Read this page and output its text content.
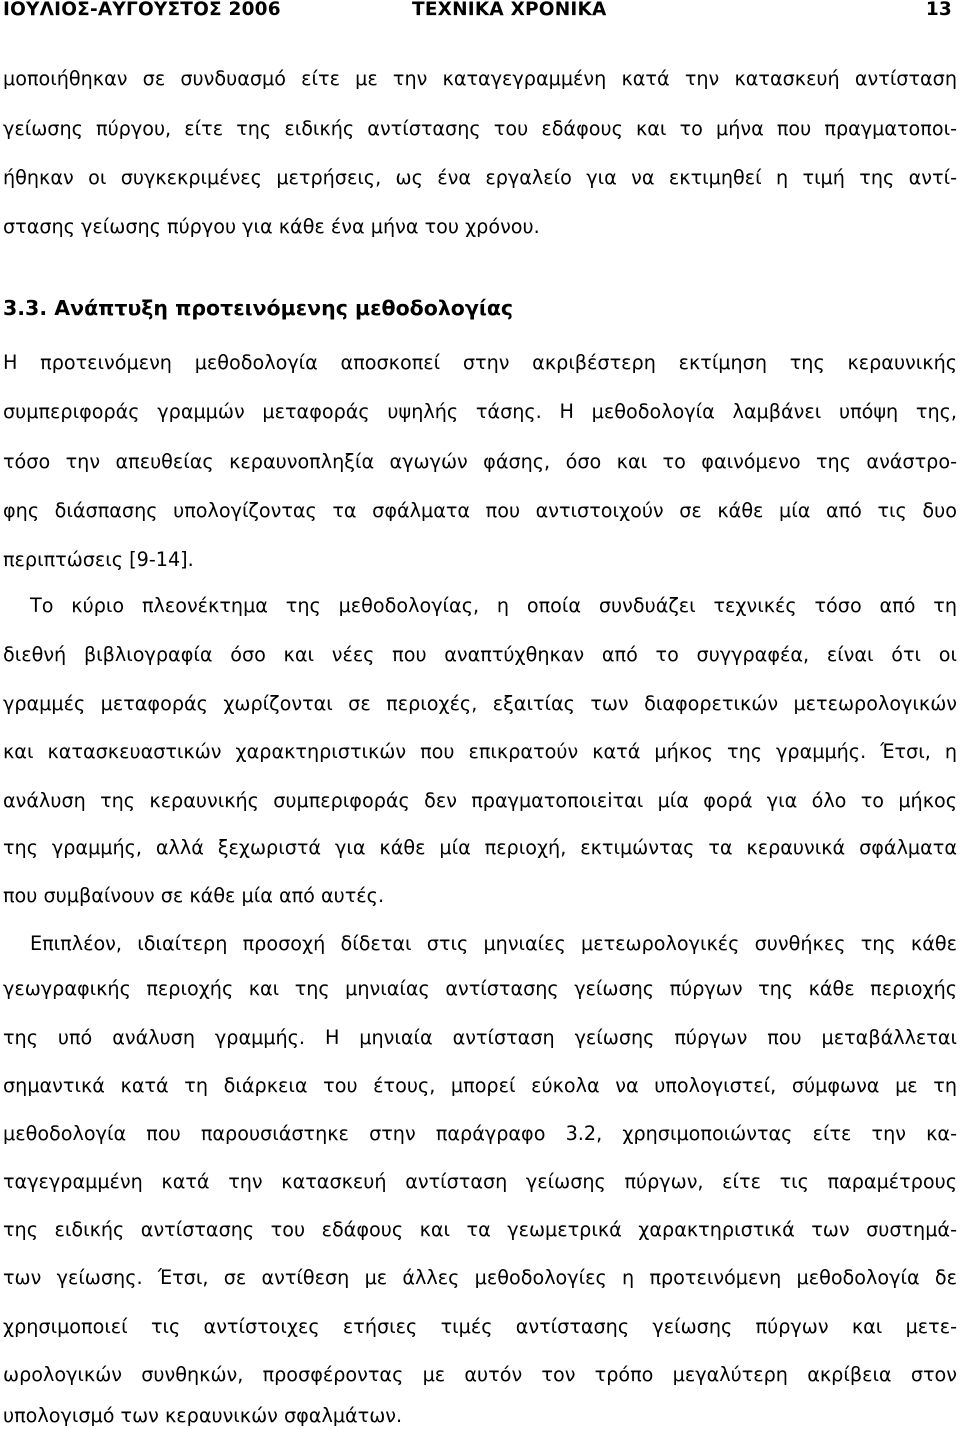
ΙΟΥΛΙΟΣ-ΑΥΓΟΥΣΤΟΣ 2006	ΤΕΧΝΙΚΑ ΧΡΟΝΙΚΑ	13
μοποιήθηκαν σε συνδυασμό είτε με την καταγεγραμμένη κατά την κατασκευή αντίσταση
γείωσης πύργου, είτε της ειδικής αντίστασης του εδάφους και το μήνα που πραγματοποι-
ήθηκαν οι συγκεκριμένες μετρήσεις, ως ένα εργαλείο για να εκτιμηθεί η τιμή της αντί-
στασης γείωσης πύργου για κάθε ένα μήνα του χρόνου.
3.3. Ανάπτυξη προτεινόμενης μεθοδολογίας
Η προτεινόμενη μεθοδολογία αποσκοπεί στην ακριβέστερη εκτίμηση της κεραυνικής
συμπεριφοράς γραμμών μεταφοράς υψηλής τάσης. Η μεθοδολογία λαμβάνει υπόψη της,
τόσο την απευθείας κεραυνοπληξία αγωγών φάσης, όσο και το φαινόμενο της ανάστρο-
φης διάσπασης υπολογίζοντας τα σφάλματα που αντιστοιχούν σε κάθε μία από τις δυο
περιπτώσεις [9-14].
Το κύριο πλεονέκτημα της μεθοδολογίας, η οποία συνδυάζει τεχνικές τόσο από τη
διεθνή βιβλιογραφία όσο και νέες που αναπτύχθηκαν από το συγγραφέα, είναι ότι οι
γραμμές μεταφοράς χωρίζονται σε περιοχές, εξαιτίας των διαφορετικών μετεωρολογικών
και κατασκευαστικών χαρακτηριστικών που επικρατούν κατά μήκος της γραμμής. Έτσι, η
ανάλυση της κεραυνικής συμπεριφοράς δεν πραγματοποιεiται μία φορά για όλο το μήκος
της γραμμής, αλλά ξεχωριστά για κάθε μία περιοχή, εκτιμώντας τα κεραυνικά σφάλματα
που συμβαίνουν σε κάθε μία από αυτές.
Επιπλέον, ιδιαίτερη προσοχή δίδεται στις μηνιαίες μετεωρολογικές συνθήκες της κάθε
γεωγραφικής περιοχής και της μηνιαίας αντίστασης γείωσης πύργων της κάθε περιοχής
της υπό ανάλυση γραμμής. Η μηνιαία αντίσταση γείωσης πύργων που μεταβάλλεται
σημαντικά κατά τη διάρκεια του έτους, μπορεί εύκολα να υπολογιστεί, σύμφωνα με τη
μεθοδολογία που παρουσιάστηκε στην παράγραφο 3.2, χρησιμοποιώντας είτε την κα-
ταγεγραμμένη κατά την κατασκευή αντίσταση γείωσης πύργων, είτε τις παραμέτρους
της ειδικής αντίστασης του εδάφους και τα γεωμετρικά χαρακτηριστικά των συστημά-
των γείωσης. Έτσι, σε αντίθεση με άλλες μεθοδολογίες η προτεινόμενη μεθοδολογία δε
χρησιμοποιεί τις αντίστοιχες ετήσιες τιμές αντίστασης γείωσης πύργων και μετε-
ωρολογικών συνθηκών, προσφέροντας με αυτόν τον τρόπο μεγαλύτερη ακρίβεια στον
υπολογισμό των κεραυνικών σφαλμάτων.
